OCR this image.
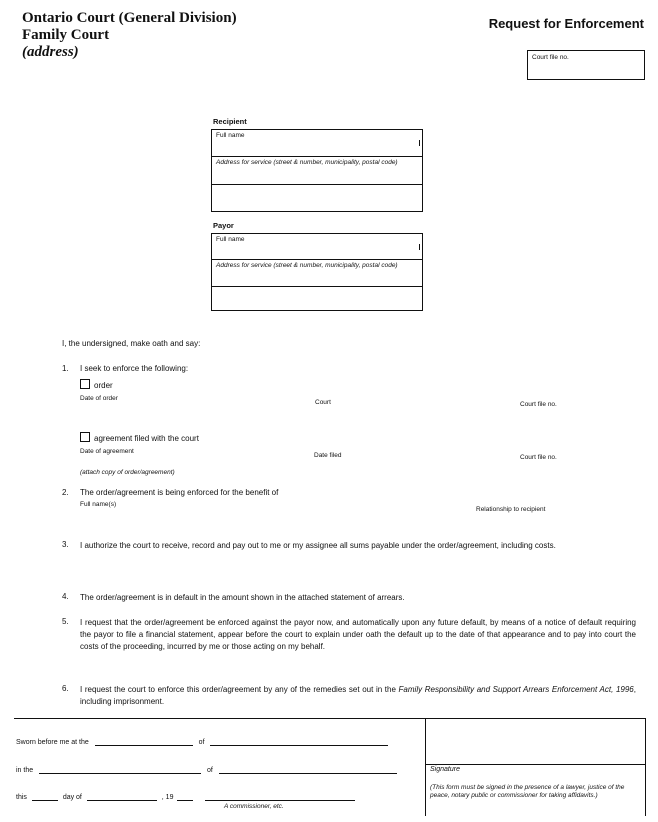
Ontario Court (General Division)
Family Court
(address)
Request for Enforcement
Court file no.
Recipient
Full name
Address for service (street & number, municipality, postal code)
Payor
Full name
Address for service (street & number, municipality, postal code)
I, the undersigned, make oath and say:
1. I seek to enforce the following:
order
Date of order
Court	Court file no.
agreement filed with the court
Date of agreement
Date filed	Court file no.
(attach copy of order/agreement)
2. The order/agreement is being enforced for the benefit of
Full name(s)
Relationship to recipient
3. I authorize the court to receive, record and pay out to me or my assignee all sums payable under the order/agreement, including costs.
4. The order/agreement is in default in the amount shown in the attached statement of arrears.
5. I request that the order/agreement be enforced against the payor now, and automatically upon any future default, by means of a notice of default requiring the payor to file a financial statement, appear before the court to explain under oath the default up to the date of that appearance and to pay into court the costs of the proceeding, incurred by me or those acting on my behalf.
6. I request the court to enforce this order/agreement by any of the remedies set out in the Family Responsibility and Support Arrears Enforcement Act, 1996, including imprisonment.
Sworn before me at the	of
in the	of
this	day of	, 19
A commissioner, etc.
Signature
(This form must be signed in the presence of a lawyer, justice of the peace, notary public or commissioner for taking affidavits.)
